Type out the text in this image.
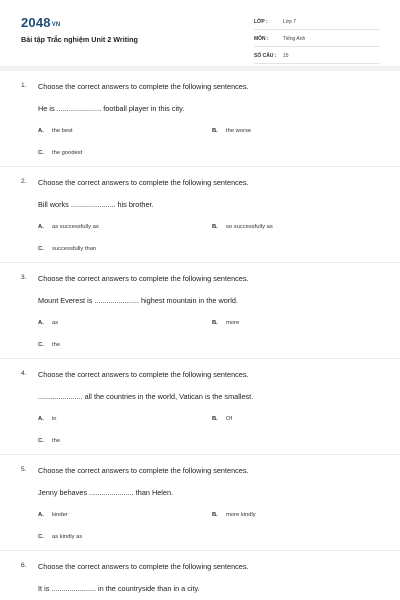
2048VN
Bài tập Trắc nghiệm Unit 2 Writing
LỚP :	Lớp 7
MÔN :	Tiếng Anh
SỐ CÂU : 15
1. Choose the correct answers to complete the following sentences.
He is ...................... football player in this city.
A. the best	B. the worse
C. the goodest
2. Choose the correct answers to complete the following sentences.
Bill works ...................... his brother.
A. as successfully as	B. so successfully as
C. successfully than
3. Choose the correct answers to complete the following sentences.
Mount Everest is ...................... highest mountain in the world.
A. as	B. more
C. the
4. Choose the correct answers to complete the following sentences.
...................... all the countries in the world, Vatican is the smallest.
A. in	B. Of
C. the
5. Choose the correct answers to complete the following sentences.
Jenny behaves ...................... than Helen.
A. kinder	B. more kindly
C. as kindly as
6. Choose the correct answers to complete the following sentences.
It is ...................... in the countryside than in a city.
